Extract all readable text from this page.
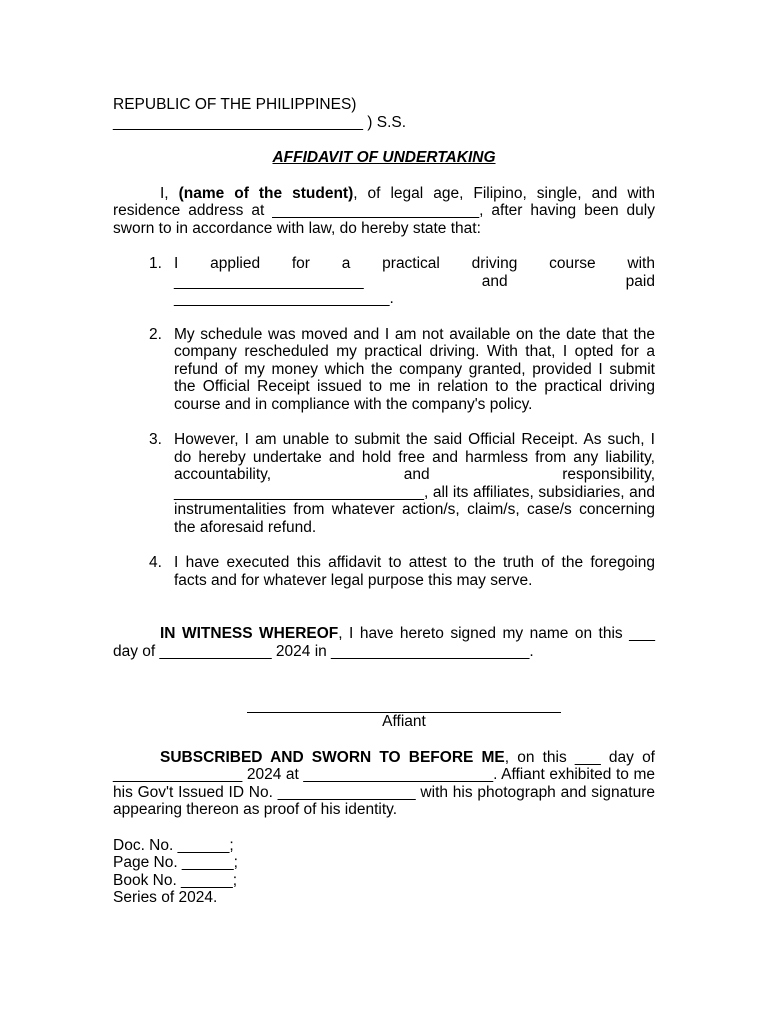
REPUBLIC OF THE PHILIPPINES)

_____________________________ ) S.S.

AFFIDAVIT OF UNDERTAKING

I, (name of the student), of legal age, Filipino, single, and with residence address at ________________________, after having been duly sworn to in accordance with law, do hereby state that:

1. I applied for a practical driving course with ______________________ and paid
_________________________.
2. My schedule was moved and I am not available on the date that the company rescheduled my practical driving. With that, I opted for a refund of my money which the company granted, provided I submit the Official Receipt issued to me in relation to the practical driving course and in compliance with the company's policy.
3. However, I am unable to submit the said Official Receipt. As such, I do hereby undertake and hold free and harmless from any liability, accountability, and responsibility, _____________________________, all its affiliates, subsidiaries, and instrumentalities from whatever action/s, claim/s, case/s concerning the aforesaid refund.
4. I have executed this affidavit to attest to the truth of the foregoing facts and for whatever legal purpose this may serve.

IN WITNESS WHEREOF, I have hereto signed my name on this ___ day of _____________ 2024 in _______________________.

Affiant

SUBSCRIBED AND SWORN TO BEFORE ME, on this ___ day of _______________ 2024 at ______________________. Affiant exhibited to me his Gov't Issued ID No. ________________ with his photograph and signature appearing thereon as proof of his identity.

Doc. No. ______;

Page No. ______;

Book No. ______;

Series of 2024.
